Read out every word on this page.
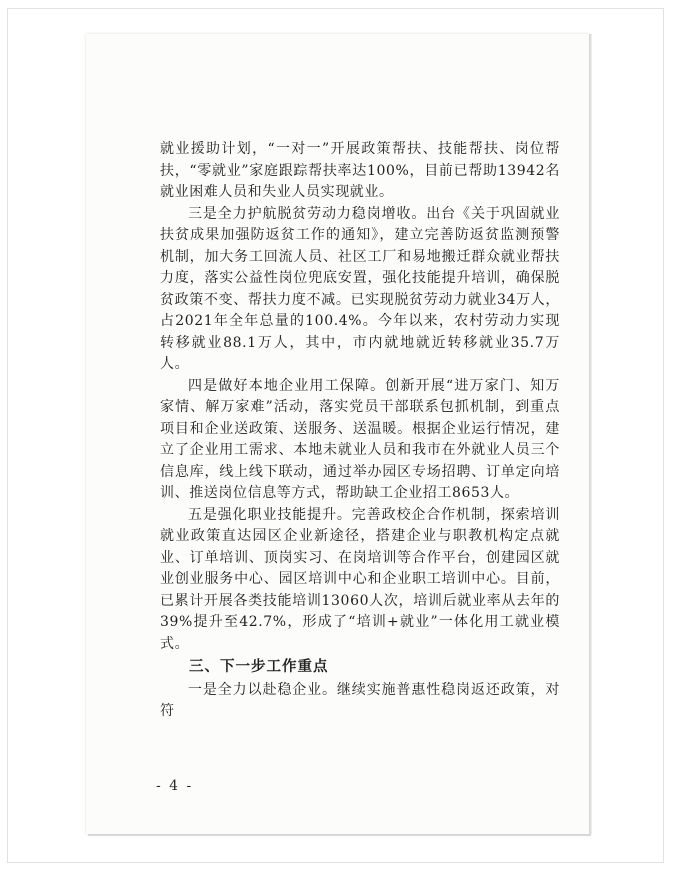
就业援助计划，“一对一”开展政策帮扶、技能帮扶、岗位帮扶，“零就业”家庭跟踪帮扶率达100%，目前已帮助13942名就业困难人员和失业人员实现就业。

三是全力护航脱贫劳动力稳岗增收。出台《关于巩固就业扶贫成果加强防返贫工作的通知》，建立完善防返贫监测预警机制，加大务工回流人员、社区工厂和易地搬迁群众就业帮扶力度，落实公益性岗位兜底安置，强化技能提升培训，确保脱贫政策不变、帮扶力度不减。已实现脱贫劳动力就业34万人，占2021年全年总量的100.4%。今年以来，农村劳动力实现转移就业88.1万人，其中，市内就地就近转移就业35.7万人。

四是做好本地企业用工保障。创新开展“进万家门、知万家情、解万家难”活动，落实党员干部联系包抓机制，到重点项目和企业送政策、送服务、送温暖。根据企业运行情况，建立了企业用工需求、本地未就业人员和我市在外就业人员三个信息库，线上线下联动，通过举办园区专场招聘、订单定向培训、推送岗位信息等方式，帮助缺工企业招工8653人。

五是强化职业技能提升。完善政校企合作机制，探索培训就业政策直达园区企业新途径，搭建企业与职教机构定点就业、订单培训、顶岗实习、在岗培训等合作平台，创建园区就业创业服务中心、园区培训中心和企业职工培训中心。目前，已累计开展各类技能培训13060人次，培训后就业率从去年的39%提升至42.7%，形成了“培训+就业”一体化用工就业模式。

三、下一步工作重点

一是全力以赴稳企业。继续实施普惠性稳岗返还政策，对符

- 4 -
